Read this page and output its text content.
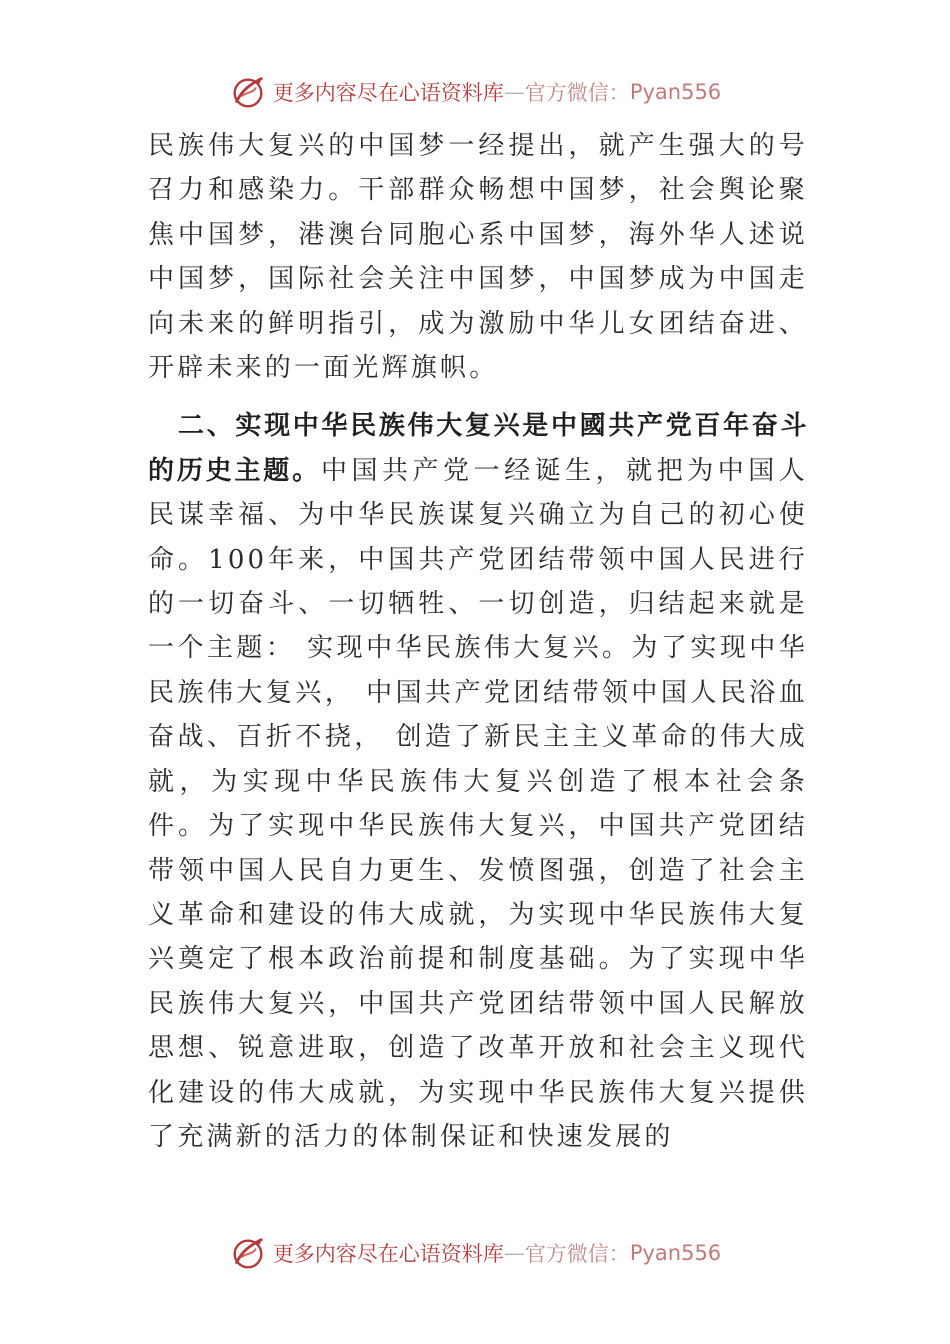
更多内容尽在心语资料库 — 官方微信： Pyan556

民族伟大复兴的中国梦一经提出，就产生强大的号召力和感染力。干部群众畅想中国梦，社会舆论聚焦中国梦，港澳台同胞心系中国梦，海外华人述说中国梦，国际社会关注中国梦，中国梦成为中国走向未来的鲜明指引，成为激励中华儿女团结奋进、开辟未来的一面光辉旗帜。

二、实现中华民族伟大复兴是中國共产党百年奋斗的历史主题。中国共产党一经诞生，就把为中国人民谋幸福、为中华民族谋复兴确立为自己的初心使命。100年来，中国共产党团结带领中国人民进行的一切奋斗、一切牺牲、一切创造，归结起来就是一个主题： 实现中华民族伟大复兴。为了实现中华民族伟大复兴， 中国共产党团结带领中国人民浴血奋战、百折不挠， 创造了新民主主义革命的伟大成就，为实现中华民族伟大复兴创造了根本社会条件。为了实现中华民族伟大复兴，中国共产党团结带领中国人民自力更生、发愤图强，创造了社会主义革命和建设的伟大成就，为实现中华民族伟大复兴奠定了根本政治前提和制度基础。为了实现中华民族伟大复兴，中国共产党团结带领中国人民解放思想、锐意进取，创造了改革开放和社会主义现代化建设的伟大成就，为实现中华民族伟大复兴提供了充满新的活力的体制保证和快速发展的

更多内容尽在心语资料库 — 官方微信： Pyan556
